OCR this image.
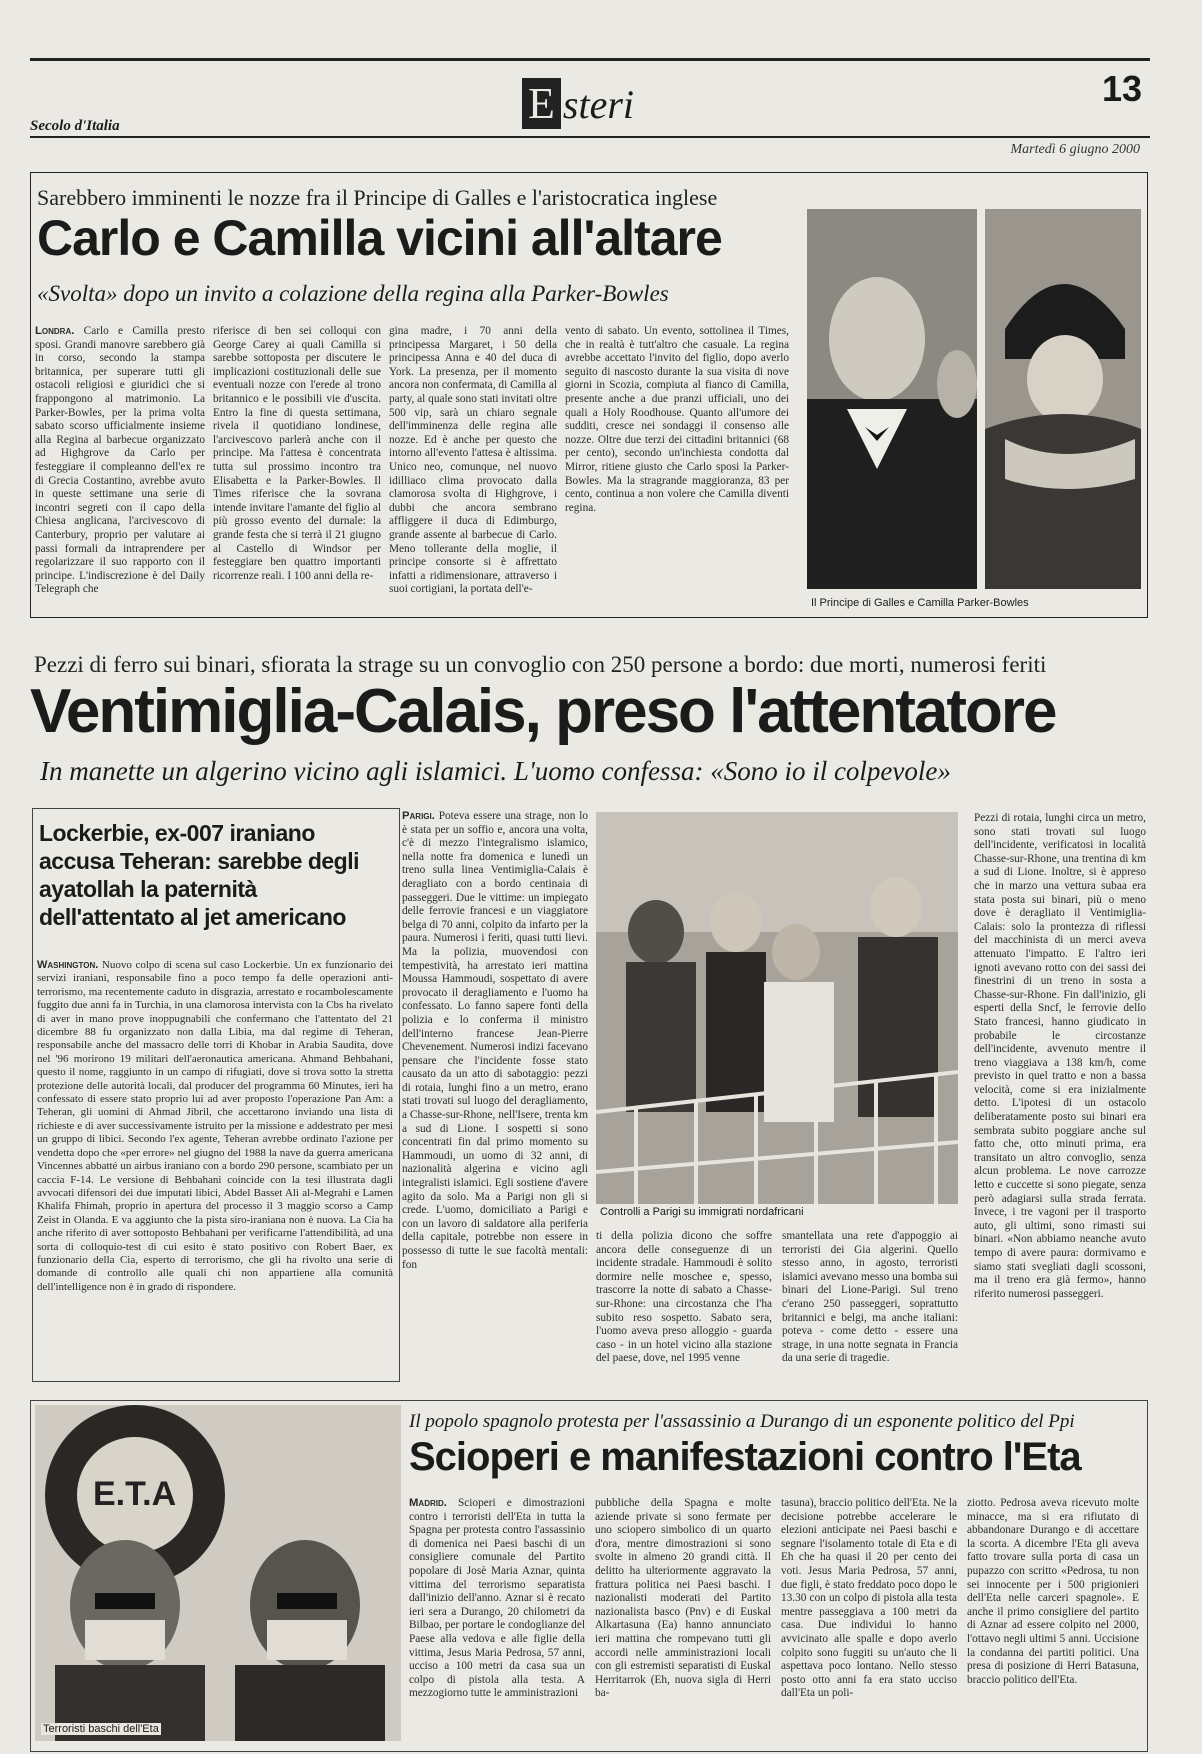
Secolo d'Italia	E steri	13
Martedì 6 giugno 2000
Sarebbero imminenti le nozze fra il Principe di Galles e l'aristocratica inglese
Carlo e Camilla vicini all'altare
«Svolta» dopo un invito a colazione della regina alla Parker-Bowles

Londra. Carlo e Camilla presto sposi. Grandi manovre sarebbero già in corso, secondo la stampa britannica, per superare tutti gli ostacoli religiosi e giuridici che si frappongono al matrimonio. La Parker-Bowles, per la prima volta sabato scorso ufficialmente insieme alla Regina al barbecue organizzato ad Highgrove da Carlo per festeggiare il compleanno dell'ex re di Grecia Costantino, avrebbe avuto in queste settimane una serie di incontri segreti con il capo della Chiesa anglicana, l'arcivescovo di Canterbury, proprio per valutare ai passi formali da intraprendere per regolarizzare il suo rapporto con il principe. L'indiscrezione è del Daily Telegraph che

riferisce di ben sei colloqui con George Carey ai quali Camilla si sarebbe sottoposta per discutere le implicazioni costituzionali delle sue eventuali nozze con l'erede al trono britannico e le possibili vie d'uscita. Entro la fine di questa settimana, rivela il quotidiano londinese, l'arcivescovo parlerà anche con il principe. Ma l'attesa è concentrata tutta sul prossimo incontro tra Elisabetta e la Parker-Bowles. Il Times riferisce che la sovrana intende invitare l'amante del figlio al più grosso evento del durnale: la grande festa che si terrà il 21 giugno al Castello di Windsor per festeggiare ben quattro importanti ricorrenze reali. I 100 anni della re-

gina madre, i 70 anni della principessa Margaret, i 50 della principessa Anna e 40 del duca di York. La presenza, per il momento ancora non confermata, di Camilla al party, al quale sono stati invitati oltre 500 vip, sarà un chiaro segnale dell'imminenza delle regina alle nozze. Ed è anche per questo che intorno all'evento l'attesa è altissima. Unico neo, comunque, nel nuovo idilliaco clima provocato dalla clamorosa svolta di Highgrove, i dubbi che ancora sembrano affliggere il duca di Edimburgo, grande assente al barbecue di Carlo. Meno tollerante della moglie, il principe consorte si è affrettato infatti a ridimensionare, attraverso i suoi cortigiani, la portata dell'e-

vento di sabato. Un evento, sottolinea il Times, che in realtà è tutt'altro che casuale. La regina avrebbe accettato l'invito del figlio, dopo averlo seguito di nascosto durante la sua visita di nove giorni in Scozia, compiuta al fianco di Camilla, presente anche a due pranzi ufficiali, uno dei quali a Holy Roodhouse. Quanto all'umore dei sudditi, cresce nei sondaggi il consenso alle nozze. Oltre due terzi dei cittadini britannici (68 per cento), secondo un'inchiesta condotta dal Mirror, ritiene giusto che Carlo sposi la Parker-Bowles. Ma la stragrande maggioranza, 83 per cento, continua a non volere che Camilla diventi regina.

Il Principe di Galles e Camilla Parker-Bowles
Pezzi di ferro sui binari, sfiorata la strage su un convoglio con 250 persone a bordo: due morti, numerosi feriti
Ventimiglia-Calais, preso l'attentatore
In manette un algerino vicino agli islamici. L'uomo confessa: «Sono io il colpevole»
Lockerbie, ex-007 iraniano accusa Teheran: sarebbe degli ayatollah la paternità dell'attentato al jet americano

Washington. Nuovo colpo di scena sul caso Lockerbie. Un ex funzionario dei servizi iraniani, responsabile fino a poco tempo fa delle operazioni anti-terrorismo, ma recentemente caduto in disgrazia, arrestato e rocambolescamente fuggito due anni fa in Turchia, in una clamorosa intervista con la Cbs ha rivelato di aver in mano prove inoppugnabili che confermano che l'attentato del 21 dicembre 88 fu organizzato non dalla Libia, ma dal regime di Teheran, responsabile anche del massacro delle torri di Khobar in Arabia Saudita, dove nel '96 morirono 19 militari dell'aeronautica americana. Ahmand Behbahani, questo il nome, raggiunto in un campo di rifugiati, dove si trova sotto la stretta protezione delle autorità locali, dal producer del programma 60 Minutes, ieri ha confessato di essere stato proprio lui ad aver proposto l'operazione Pan Am: a Teheran, gli uomini di Ahmad Jibril, che accettarono inviando una lista di richieste e di aver successivamente istruito per la missione e addestrato per mesi un gruppo di libici. Secondo l'ex agente, Teheran avrebbe ordinato l'azione per vendetta dopo che «per errore» nel giugno del 1988 la nave da guerra americana Vincennes abbatté un airbus iraniano con a bordo 290 persone, scambiato per un caccia F-14. Le versione di Behbahani coincide con la tesi illustrata dagli avvocati difensori dei due imputati libici, Abdel Basset Ali al-Megrahi e Lamen Khalifa Fhimah, proprio in apertura del processo il 3 maggio scorso a Camp Zeist in Olanda. E va aggiunto che la pista siro-iraniana non è nuova. La Cia ha anche riferito di aver sottoposto Behbahani per verificarne l'attendibilità, ad una sorta di colloquio-test di cui esito è stato positivo con Robert Baer, ex funzionario della Cia, esperto di terrorismo, che gli ha rivolto una serie di domande di controllo alle quali chi non appartiene alla comunità dell'intelligence non è in grado di rispondere.

Parigi. Poteva essere una strage, non lo è stata per un soffio e, ancora una volta, c'è di mezzo l'integralismo islamico, nella notte fra domenica e lunedì un treno sulla linea Ventimiglia-Calais è deragliato con a bordo centinaia di passeggeri. Due le vittime: un impiegato delle ferrovie francesi e un viaggiatore belga di 70 anni, colpito da infarto per la paura. Numerosi i feriti, quasi tutti lievi. Ma la polizia, muovendosi con tempestività, ha arrestato ieri mattina Moussa Hammoudi, sospettato di avere provocato il deragliamento e l'uomo ha confessato. Lo fanno sapere fonti della polizia e lo conferma il ministro dell'interno francese Jean-Pierre Chevenement. Numerosi indizi facevano pensare che l'incidente fosse stato causato da un atto di sabotaggio: pezzi di rotaia, lunghi fino a un metro, erano stati trovati sul luogo del deragliamento, a Chasse-sur-Rhone, nell'Isere, trenta km a sud di Lione. I sospetti si sono concentrati fin dal primo momento su Hammoudi, un uomo di 32 anni, di nazionalità algerina e vicino agli integralisti islamici. Egli sostiene d'avere agito da solo. Ma a Parigi non gli si crede. L'uomo, domiciliato a Parigi e con un lavoro di saldatore alla periferia della capitale, potrebbe non essere in possesso di tutte le sue facoltà mentali: fon

Controlli a Parigi su immigrati nordafricani

ti della polizia dicono che soffre ancora delle conseguenze di un incidente stradale. Hammoudi è solito dormire nelle moschee e, spesso, trascorre la notte di sabato a Chasse-sur-Rhone: una circostanza che l'ha subito reso sospetto. Sabato sera, l'uomo aveva preso alloggio - guarda caso - in un hotel vicino alla stazione del paese, dove, nel 1995 venne

smantellata una rete d'appoggio ai terroristi dei Gia algerini. Quello stesso anno, in agosto, terroristi islamici avevano messo una bomba sui binari del Lione-Parigi. Sul treno c'erano 250 passeggeri, soprattutto britannici e belgi, ma anche italiani: poteva - come detto - essere una strage, in una notte segnata in Francia da una serie di tragedie.

Pezzi di rotaia, lunghi circa un metro, sono stati trovati sul luogo dell'incidente, verificatosi in località Chasse-sur-Rhone, una trentina di km a sud di Lione. Inoltre, si è appreso che in marzo una vettura subaa era stata posta sui binari, più o meno dove è deragliato il Ventimiglia-Calais: solo la prontezza di riflessi del macchinista di un merci aveva attenuato l'impatto. E l'altro ieri ignoti avevano rotto con dei sassi dei finestrini di un treno in sosta a Chasse-sur-Rhone. Fin dall'inizio, gli esperti della Sncf, le ferrovie dello Stato francesi, hanno giudicato in probabile le circostanze dell'incidente, avvenuto mentre il treno viaggiava a 138 km/h, come previsto in quel tratto e non a bassa velocità, come si era inizialmente detto. L'ipotesi di un ostacolo deliberatamente posto sui binari era sembrata subito poggiare anche sul fatto che, otto minuti prima, era transitato un altro convoglio, senza alcun problema. Le nove carrozze letto e cuccette si sono piegate, senza però adagiarsi sulla strada ferrata. Invece, i tre vagoni per il trasporto auto, gli ultimi, sono rimasti sui binari. «Non abbiamo neanche avuto tempo di avere paura: dormivamo e siamo stati svegliati dagli scossoni, ma il treno era già fermo», hanno riferito numerosi passeggeri.

E.T.A
Terroristi baschi dell'Eta
Il popolo spagnolo protesta per l'assassinio a Durango di un esponente politico del Ppi
Scioperi e manifestazioni contro l'Eta

Madrid. Scioperi e dimostrazioni contro i terroristi dell'Eta in tutta la Spagna per protesta contro l'assassinio di domenica nei Paesi baschi di un consigliere comunale del Partito popolare di Josè Maria Aznar, quinta vittima del terrorismo separatista dall'inizio dell'anno. Aznar si è recato ieri sera a Durango, 20 chilometri da Bilbao, per portare le condoglianze del Paese alla vedova e alle figlie della vittima, Jesus Maria Pedrosa, 57 anni, ucciso a 100 metri da casa sua un colpo di pistola alla testa. A mezzogiorno tutte le amministrazioni

pubbliche della Spagna e molte aziende private si sono fermate per uno sciopero simbolico di un quarto d'ora, mentre dimostrazioni si sono svolte in almeno 20 grandi città. Il delitto ha ulteriormente aggravato la frattura politica nei Paesi baschi. I nazionalisti moderati del Partito nazionalista basco (Pnv) e di Euskal Alkartasuna (Ea) hanno annunciato ieri mattina che rompevano tutti gli accordi nelle amministrazioni locali con gli estremisti separatisti di Euskal Herritarrok (Eh, nuova sigla di Herri ba-

tasuna), braccio politico dell'Eta. Ne la decisione potrebbe accelerare le elezioni anticipate nei Paesi baschi e segnare l'isolamento totale di Eta e di Eh che ha quasi il 20 per cento dei voti. Jesus Maria Pedrosa, 57 anni, due figli, è stato freddato poco dopo le 13.30 con un colpo di pistola alla testa mentre passeggiava a 100 metri da casa. Due individui lo hanno avvicinato alle spalle e dopo averlo colpito sono fuggiti su un'auto che li aspettava poco lontano. Nello stesso posto otto anni fa era stato ucciso dall'Eta un poli-

ziotto. Pedrosa aveva ricevuto molte minacce, ma si era rifiutato di abbandonare Durango e di accettare la scorta. A dicembre l'Eta gli aveva fatto trovare sulla porta di casa un pupazzo con scritto «Pedrosa, tu non sei innocente per i 500 prigionieri dell'Eta nelle carceri spagnole». E anche il primo consigliere del partito di Aznar ad essere colpito nel 2000, l'ottavo negli ultimi 5 anni. Uccisione la condanna dei partiti politici. Una presa di posizione di Herri Batasuna, braccio politico dell'Eta.
